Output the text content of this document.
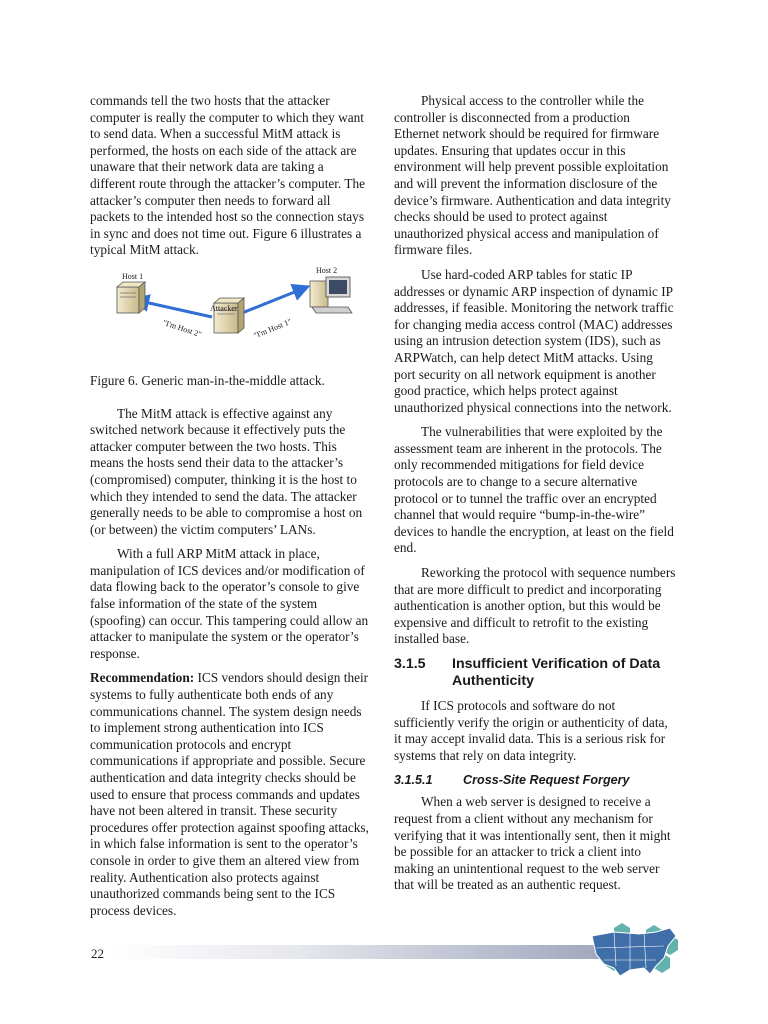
commands tell the two hosts that the attacker computer is really the computer to which they want to send data. When a successful MitM attack is performed, the hosts on each side of the attack are unaware that their network data are taking a different route through the attacker’s computer. The attacker’s computer then needs to forward all packets to the intended host so the connection stays in sync and does not time out. Figure 6 illustrates a typical MitM attack.

Host 1
Host 2
Attacker
"I'm Host 2"	"I'm Host 1"

Figure 6. Generic man-in-the-middle attack.

The MitM attack is effective against any switched network because it effectively puts the attacker computer between the two hosts. This means the hosts send their data to the attacker’s (compromised) computer, thinking it is the host to which they intended to send the data. The attacker generally needs to be able to compromise a host on (or between) the victim computers’ LANs.

With a full ARP MitM attack in place, manipulation of ICS devices and/or modification of data flowing back to the operator’s console to give false information of the state of the system (spoofing) can occur. This tampering could allow an attacker to manipulate the system or the operator’s response.

Recommendation: ICS vendors should design their systems to fully authenticate both ends of any communications channel. The system design needs to implement strong authentication into ICS communication protocols and encrypt communications if appropriate and possible. Secure authentication and data integrity checks should be used to ensure that process commands and updates have not been altered in transit. These security procedures offer protection against spoofing attacks, in which false information is sent to the operator’s console in order to give them an altered view from reality. Authentication also protects against unauthorized commands being sent to the ICS process devices.

Physical access to the controller while the controller is disconnected from a production Ethernet network should be required for firmware updates. Ensuring that updates occur in this environment will help prevent possible exploitation and will prevent the information disclosure of the device’s firmware. Authentication and data integrity checks should be used to protect against unauthorized physical access and manipulation of firmware files.

Use hard-coded ARP tables for static IP addresses or dynamic ARP inspection of dynamic IP addresses, if feasible. Monitoring the network traffic for changing media access control (MAC) addresses using an intrusion detection system (IDS), such as ARPWatch, can help detect MitM attacks. Using port security on all network equipment is another good practice, which helps protect against unauthorized physical connections into the network.

The vulnerabilities that were exploited by the assessment team are inherent in the protocols. The only recommended mitigations for field device protocols are to change to a secure alternative protocol or to tunnel the traffic over an encrypted channel that would require “bump-in-the-wire” devices to handle the encryption, at least on the field end.

Reworking the protocol with sequence numbers that are more difficult to predict and incorporating authentication is another option, but this would be expensive and difficult to retrofit to the existing installed base.

3.1.5	Insufficient Verification of Data Authenticity

If ICS protocols and software do not sufficiently verify the origin or authenticity of data, it may accept invalid data. This is a serious risk for systems that rely on data integrity.

3.1.5.1	Cross-Site Request Forgery

When a web server is designed to receive a request from a client without any mechanism for verifying that it was intentionally sent, then it might be possible for an attacker to trick a client into making an unintentional request to the web server that will be treated as an authentic request.

22
